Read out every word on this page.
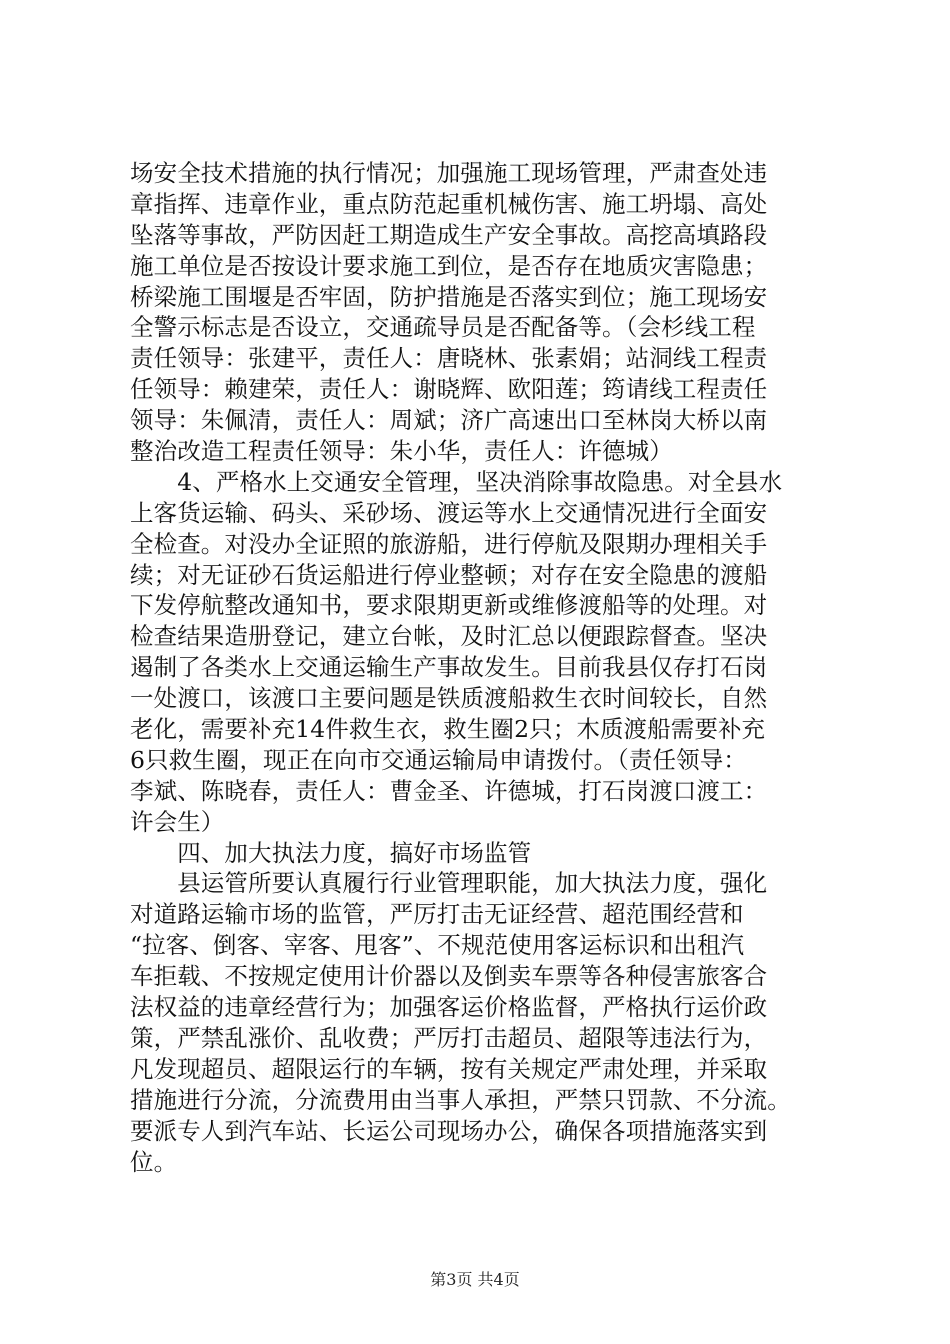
场安全技术措施的执行情况；加强施工现场管理，严肃查处违
章指挥、违章作业，重点防范起重机械伤害、施工坍塌、高处
坠落等事故，严防因赶工期造成生产安全事故。高挖高填路段
施工单位是否按设计要求施工到位，是否存在地质灾害隐患；
桥梁施工围堰是否牢固，防护措施是否落实到位；施工现场安
全警示标志是否设立，交通疏导员是否配备等。（会杉线工程
责任领导：张建平，责任人：唐晓林、张素娟；站洞线工程责
任领导：赖建荣，责任人：谢晓辉、欧阳莲；筠请线工程责任
领导：朱佩清，责任人：周斌；济广高速出口至林岗大桥以南
整治改造工程责任领导：朱小华，责任人：许德城）
　　4、严格水上交通安全管理，坚决消除事故隐患。对全县水
上客货运输、码头、采砂场、渡运等水上交通情况进行全面安
全检查。对没办全证照的旅游船，进行停航及限期办理相关手
续；对无证砂石货运船进行停业整顿；对存在安全隐患的渡船
下发停航整改通知书，要求限期更新或维修渡船等的处理。对
检查结果造册登记，建立台帐，及时汇总以便跟踪督查。坚决
遏制了各类水上交通运输生产事故发生。目前我县仅存打石岗
一处渡口，该渡口主要问题是铁质渡船救生衣时间较长，自然
老化，需要补充14件救生衣，救生圈2只；木质渡船需要补充
6只救生圈，现正在向市交通运输局申请拨付。（责任领导：
李斌、陈晓春，责任人：曹金圣、许德城，打石岗渡口渡工：
许会生）
　　四、加大执法力度，搞好市场监管
　　县运管所要认真履行行业管理职能，加大执法力度，强化
对道路运输市场的监管，严厉打击无证经营、超范围经营和
“拉客、倒客、宰客、甩客”、不规范使用客运标识和出租汽
车拒载、不按规定使用计价器以及倒卖车票等各种侵害旅客合
法权益的违章经营行为；加强客运价格监督，严格执行运价政
策，严禁乱涨价、乱收费；严厉打击超员、超限等违法行为，
凡发现超员、超限运行的车辆，按有关规定严肃处理，并采取
措施进行分流，分流费用由当事人承担，严禁只罚款、不分流。
要派专人到汽车站、长运公司现场办公，确保各项措施落实到
位。
第3页 共4页
